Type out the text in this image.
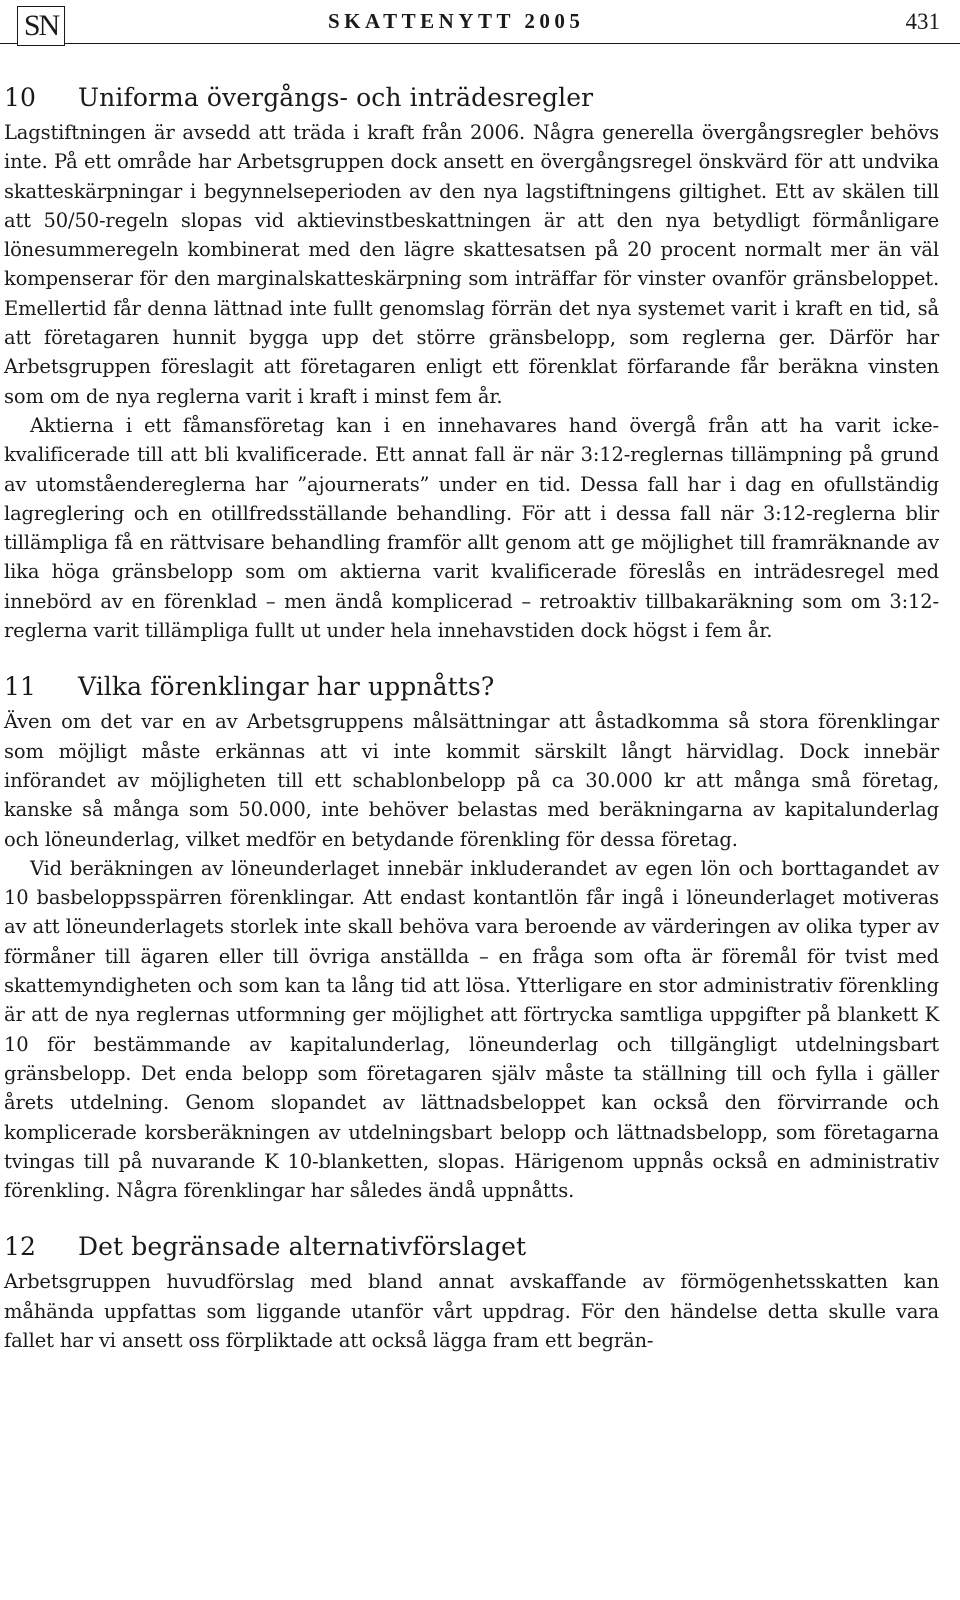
SN	SKATTENYTT 2005	431
10 Uniforma övergångs- och inträdesregler

Lagstiftningen är avsedd att träda i kraft från 2006. Några generella övergångsregler behövs inte. På ett område har Arbetsgruppen dock ansett en övergångsregel önskvärd för att undvika skatteskärpningar i begynnelseperioden av den nya lagstiftningens giltighet. Ett av skälen till att 50/50-regeln slopas vid aktievinstbeskattningen är att den nya betydligt förmånligare lönesummeregeln kombinerat med den lägre skattesatsen på 20 procent normalt mer än väl kompenserar för den marginalskatteskärpning som inträffar för vinster ovanför gränsbeloppet. Emellertid får denna lättnad inte fullt genomslag förrän det nya systemet varit i kraft en tid, så att företagaren hunnit bygga upp det större gränsbelopp, som reglerna ger. Därför har Arbetsgruppen föreslagit att företagaren enligt ett förenklat förfarande får beräkna vinsten som om de nya reglerna varit i kraft i minst fem år.

Aktierna i ett fåmansföretag kan i en innehavares hand övergå från att ha varit icke-kvalificerade till att bli kvalificerade. Ett annat fall är när 3:12-reglernas tillämpning på grund av utomståendereglerna har ”ajournerats” under en tid. Dessa fall har i dag en ofullständig lagreglering och en otillfredsställande behandling. För att i dessa fall när 3:12-reglerna blir tillämpliga få en rättvisare behandling framför allt genom att ge möjlighet till framräknande av lika höga gränsbelopp som om aktierna varit kvalificerade föreslås en inträdesregel med innebörd av en förenklad – men ändå komplicerad – retroaktiv tillbakaräkning som om 3:12-reglerna varit tillämpliga fullt ut under hela innehavstiden dock högst i fem år.

11 Vilka förenklingar har uppnåtts?

Även om det var en av Arbetsgruppens målsättningar att åstadkomma så stora förenklingar som möjligt måste erkännas att vi inte kommit särskilt långt härvidlag. Dock innebär införandet av möjligheten till ett schablonbelopp på ca 30.000 kr att många små företag, kanske så många som 50.000, inte behöver belastas med beräkningarna av kapitalunderlag och löneunderlag, vilket medför en betydande förenkling för dessa företag.

Vid beräkningen av löneunderlaget innebär inkluderandet av egen lön och borttagandet av 10 basbeloppsspärren förenklingar. Att endast kontantlön får ingå i löneunderlaget motiveras av att löneunderlagets storlek inte skall behöva vara beroende av värderingen av olika typer av förmåner till ägaren eller till övriga anställda – en fråga som ofta är föremål för tvist med skattemyndigheten och som kan ta lång tid att lösa. Ytterligare en stor administrativ förenkling är att de nya reglernas utformning ger möjlighet att förtrycka samtliga uppgifter på blankett K 10 för bestämmande av kapitalunderlag, löneunderlag och tillgängligt utdelningsbart gränsbelopp. Det enda belopp som företagaren själv måste ta ställning till och fylla i gäller årets utdelning. Genom slopandet av lättnadsbeloppet kan också den förvirrande och komplicerade korsberäkningen av utdelningsbart belopp och lättnadsbelopp, som företagarna tvingas till på nuvarande K 10-blanketten, slopas. Härigenom uppnås också en administrativ förenkling. Några förenklingar har således ändå uppnåtts.

12 Det begränsade alternativförslaget

Arbetsgruppen huvudförslag med bland annat avskaffande av förmögenhetsskatten kan måhända uppfattas som liggande utanför vårt uppdrag. För den händelse detta skulle vara fallet har vi ansett oss förpliktade att också lägga fram ett begrän-
